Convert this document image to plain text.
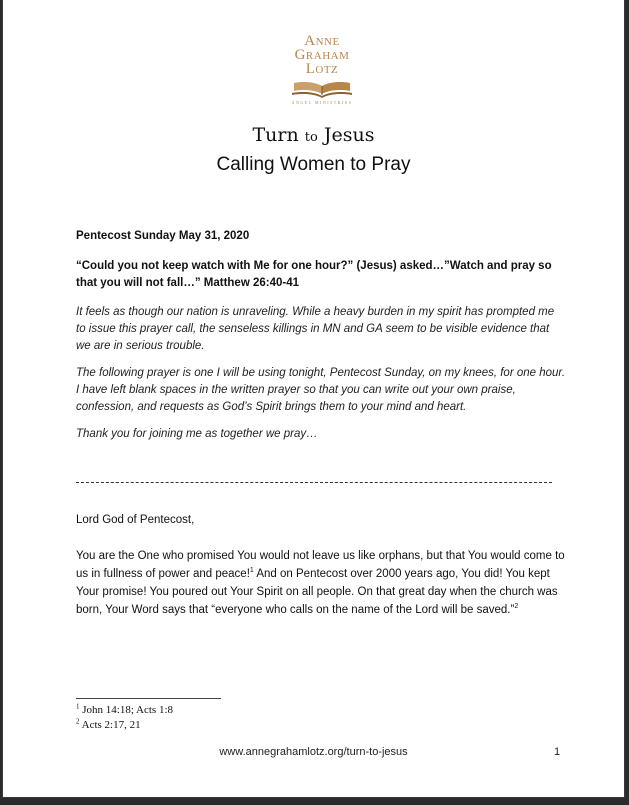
Anne
Graham
Lotz
ANGEL MINISTRIES
Turn to Jesus
Calling Women to Pray

Pentecost Sunday May 31, 2020

“Could you not keep watch with Me for one hour?” (Jesus) asked…”Watch and pray so that you will not fall…” Matthew 26:40-41

It feels as though our nation is unraveling. While a heavy burden in my spirit has prompted me to issue this prayer call, the senseless killings in MN and GA seem to be visible evidence that we are in serious trouble.

The following prayer is one I will be using tonight, Pentecost Sunday, on my knees, for one hour. I have left blank spaces in the written prayer so that you can write out your own praise, confession, and requests as God’s Spirit brings them to your mind and heart.

Thank you for joining me as together we pray…

Lord God of Pentecost,

You are the One who promised You would not leave us like orphans, but that You would come to us in fullness of power and peace!$^1$ And on Pentecost over 2000 years ago, You did! You kept Your promise! You poured out Your Spirit on all people. On that great day when the church was born, Your Word says that “everyone who calls on the name of the Lord will be saved.”$^2$

$^1$ John 14:18; Acts 1:8
$^2$ Acts 2:17, 21
www.annegrahamlotz.org/turn-to-jesus	1
